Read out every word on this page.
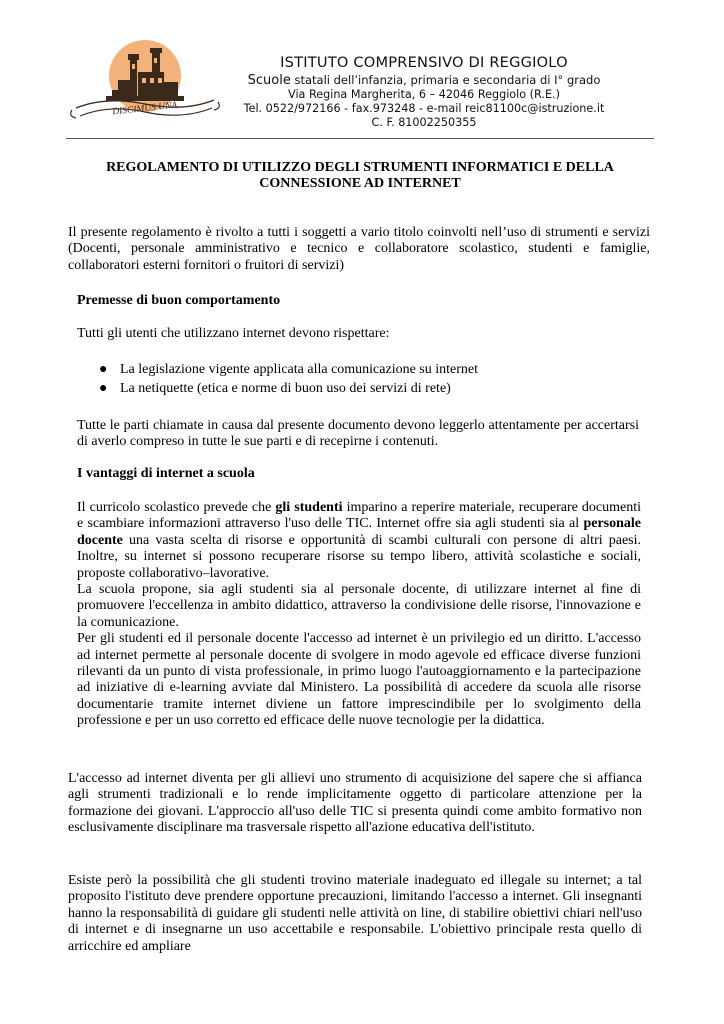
DISCIMUS UNA
ISTITUTO COMPRENSIVO DI REGGIOLO
Scuole statali dell’infanzia, primaria e secondaria di I° grado
Via Regina Margherita, 6 – 42046 Reggiolo (R.E.)
Tel. 0522/972166 - fax.973248 - e-mail reic81100c@istruzione.it
C. F. 81002250355
REGOLAMENTO DI UTILIZZO DEGLI STRUMENTI INFORMATICI E DELLA
CONNESSIONE AD INTERNET

Il presente regolamento è rivolto a tutti i soggetti a vario titolo coinvolti nell’uso di strumenti e servizi (Docenti, personale amministrativo e tecnico e collaboratore scolastico, studenti e famiglie, collaboratori esterni fornitori o fruitori di servizi)

Premesse di buon comportamento

Tutti gli utenti che utilizzano internet devono rispettare:

● La legislazione vigente applicata alla comunicazione su internet
● La netiquette (etica e norme di buon uso dei servizi di rete)

Tutte le parti chiamate in causa dal presente documento devono leggerlo attentamente per accertarsi di averlo compreso in tutte le sue parti e di recepirne i contenuti.

I vantaggi di internet a scuola
Il curricolo scolastico prevede che gli studenti imparino a reperire materiale, recuperare documenti e scambiare informazioni attraverso l'uso delle TIC. Internet offre sia agli studenti sia al personale docente una vasta scelta di risorse e opportunità di scambi culturali con persone di altri paesi. Inoltre, su internet si possono recuperare risorse su tempo libero, attività scolastiche e sociali, proposte collaborativo–lavorative.
La scuola propone, sia agli studenti sia al personale docente, di utilizzare internet al fine di promuovere l'eccellenza in ambito didattico, attraverso la condivisione delle risorse, l'innovazione e la comunicazione.
Per gli studenti ed il personale docente l'accesso ad internet è un privilegio ed un diritto. L'accesso ad internet permette al personale docente di svolgere in modo agevole ed efficace diverse funzioni rilevanti da un punto di vista professionale, in primo luogo l'autoaggiornamento e la partecipazione ad iniziative di e-learning avviate dal Ministero. La possibilità di accedere da scuola alle risorse documentarie tramite internet diviene un fattore imprescindibile per lo svolgimento della professione e per un uso corretto ed efficace delle nuove tecnologie per la didattica.

L'accesso ad internet diventa per gli allievi uno strumento di acquisizione del sapere che si affianca agli strumenti tradizionali e lo rende implicitamente oggetto di particolare attenzione per la formazione dei giovani. L'approccio all'uso delle TIC si presenta quindi come ambito formativo non esclusivamente disciplinare ma trasversale rispetto all'azione educativa dell'istituto.

Esiste però la possibilità che gli studenti trovino materiale inadeguato ed illegale su internet; a tal proposito l'istituto deve prendere opportune precauzioni, limitando l'accesso a internet. Gli insegnanti hanno la responsabilità di guidare gli studenti nelle attività on line, di stabilire obiettivi chiari nell'uso di internet e di insegnarne un uso accettabile e responsabile. L'obiettivo principale resta quello di arricchire ed ampliare
